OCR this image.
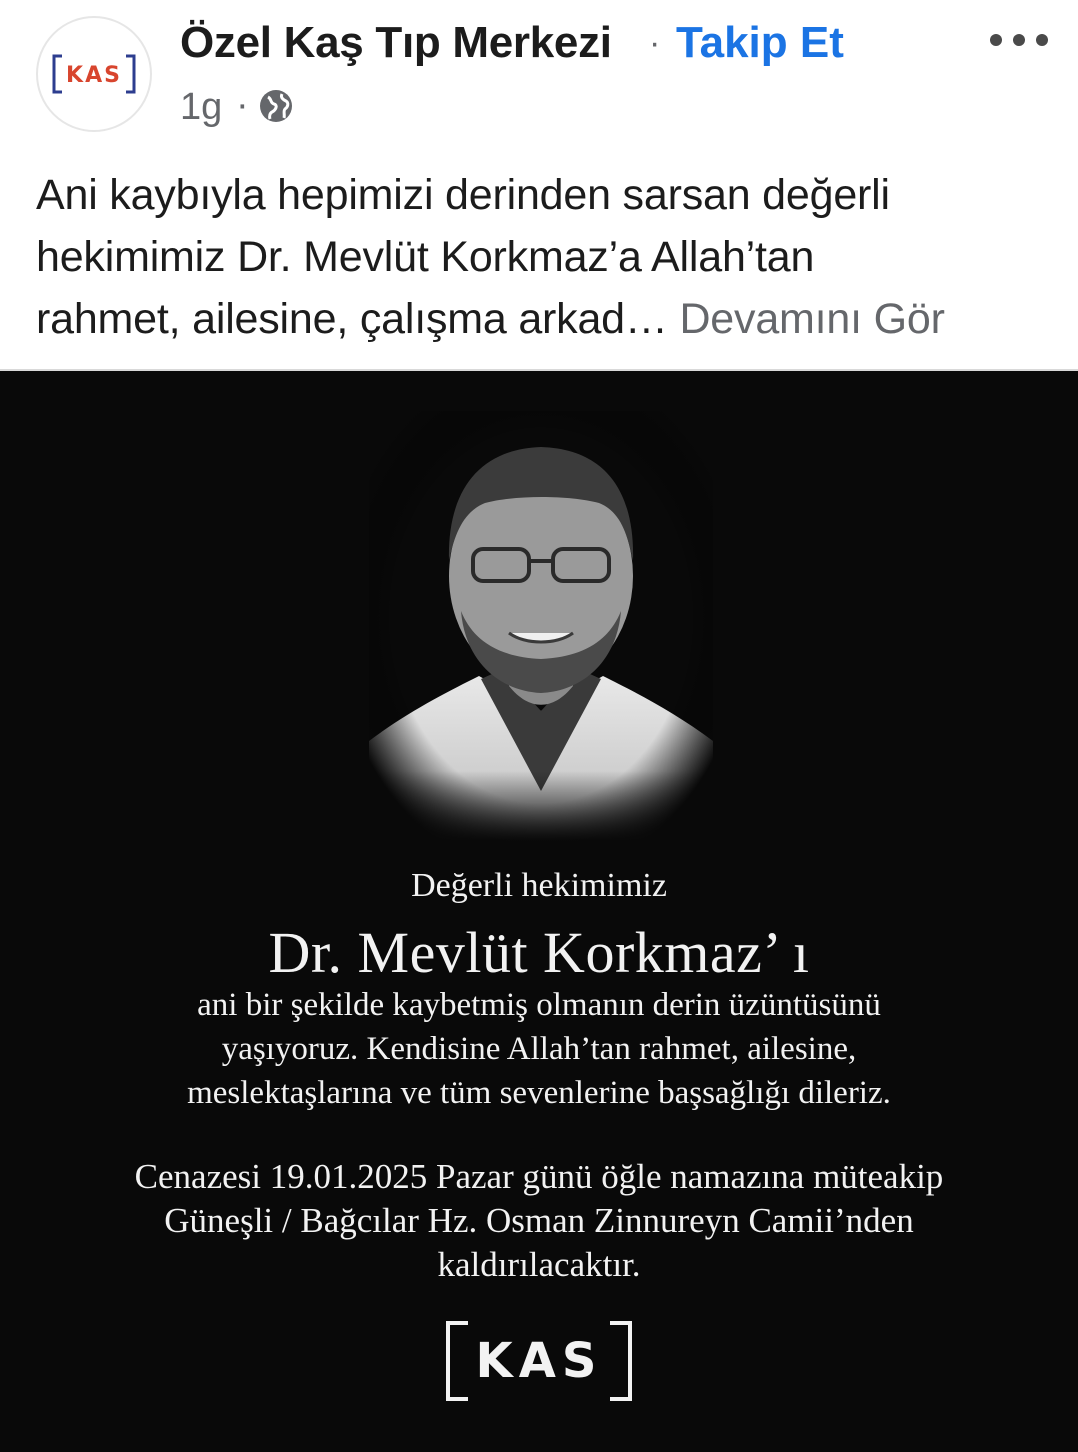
KAS
Özel Kaş Tıp Merkezi · Takip Et
1g ·
Ani kaybıyla hepimizi derinden sarsan değerli
hekimimiz Dr. Mevlüt Korkmaz’a Allah’tan
rahmet, ailesine, çalışma arkad… Devamını Gör
Değerli hekimimiz
Dr. Mevlüt Korkmaz’ ı
ani bir şekilde kaybetmiş olmanın derin üzüntüsünü
yaşıyoruz. Kendisine Allah’tan rahmet, ailesine,
meslektaşlarına ve tüm sevenlerine başsağlığı dileriz.
Cenazesi 19.01.2025 Pazar günü öğle namazına müteakip
Güneşli / Bağcılar Hz. Osman Zinnureyn Camii’nden
kaldırılacaktır.
KAS
